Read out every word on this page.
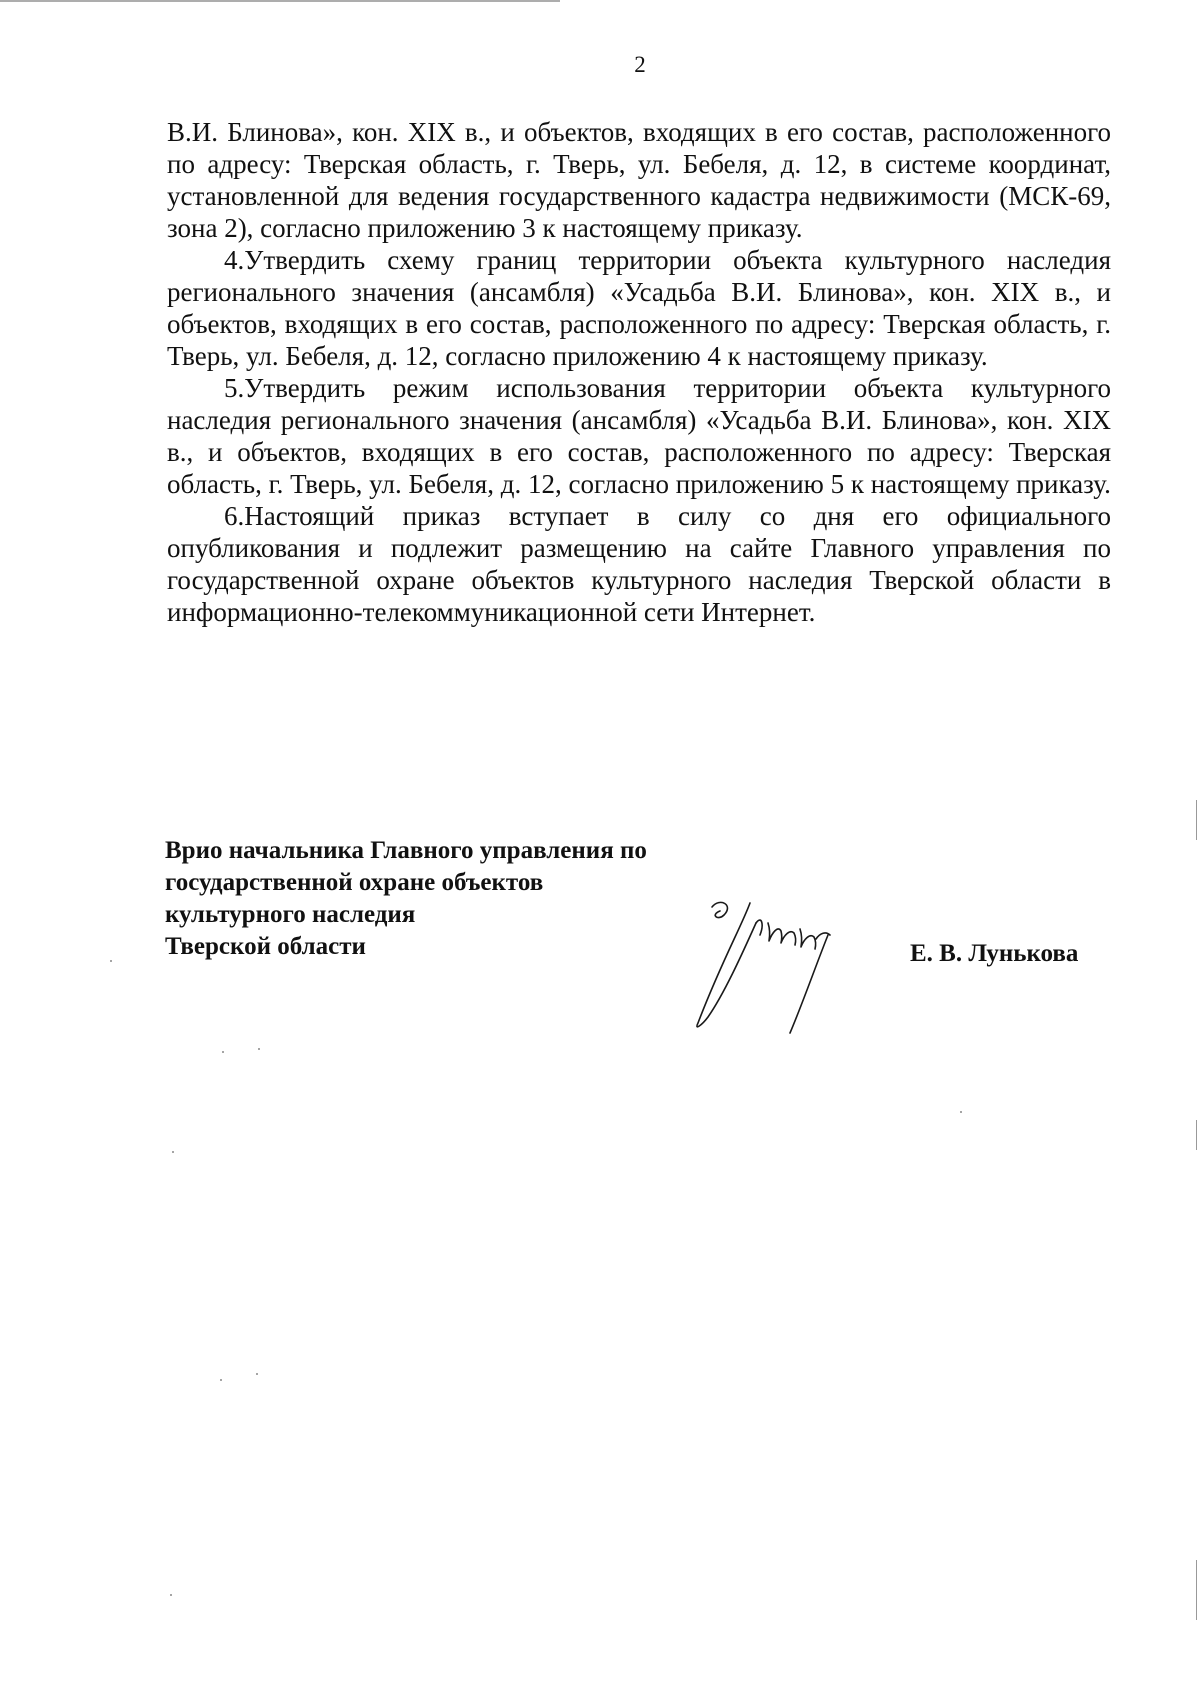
2

В.И. Блинова», кон. XIX в., и объектов, входящих в его состав, расположенного по адресу: Тверская область, г. Тверь, ул. Бебеля, д. 12, в системе координат, установленной для ведения государственного кадастра недвижимости (МСК-69, зона 2), согласно приложению 3 к настоящему приказу.

4.Утвердить схему границ территории объекта культурного наследия регионального значения (ансамбля) «Усадьба В.И. Блинова», кон. XIX в., и объектов, входящих в его состав, расположенного по адресу: Тверская область, г. Тверь, ул. Бебеля, д. 12, согласно приложению 4 к настоящему приказу.

5.Утвердить режим использования территории объекта культурного наследия регионального значения (ансамбля) «Усадьба В.И. Блинова», кон. XIX в., и объектов, входящих в его состав, расположенного по адресу: Тверская область, г. Тверь, ул. Бебеля, д. 12, согласно приложению 5 к настоящему приказу.

6.Настоящий приказ вступает в силу со дня его официального опубликования и подлежит размещению на сайте Главного управления по государственной охране объектов культурного наследия Тверской области в информационно-телекоммуникационной сети Интернет.

Врио начальника Главного управления по
государственной охране объектов
культурного наследия
Тверской области	Е. В. Лунькова
